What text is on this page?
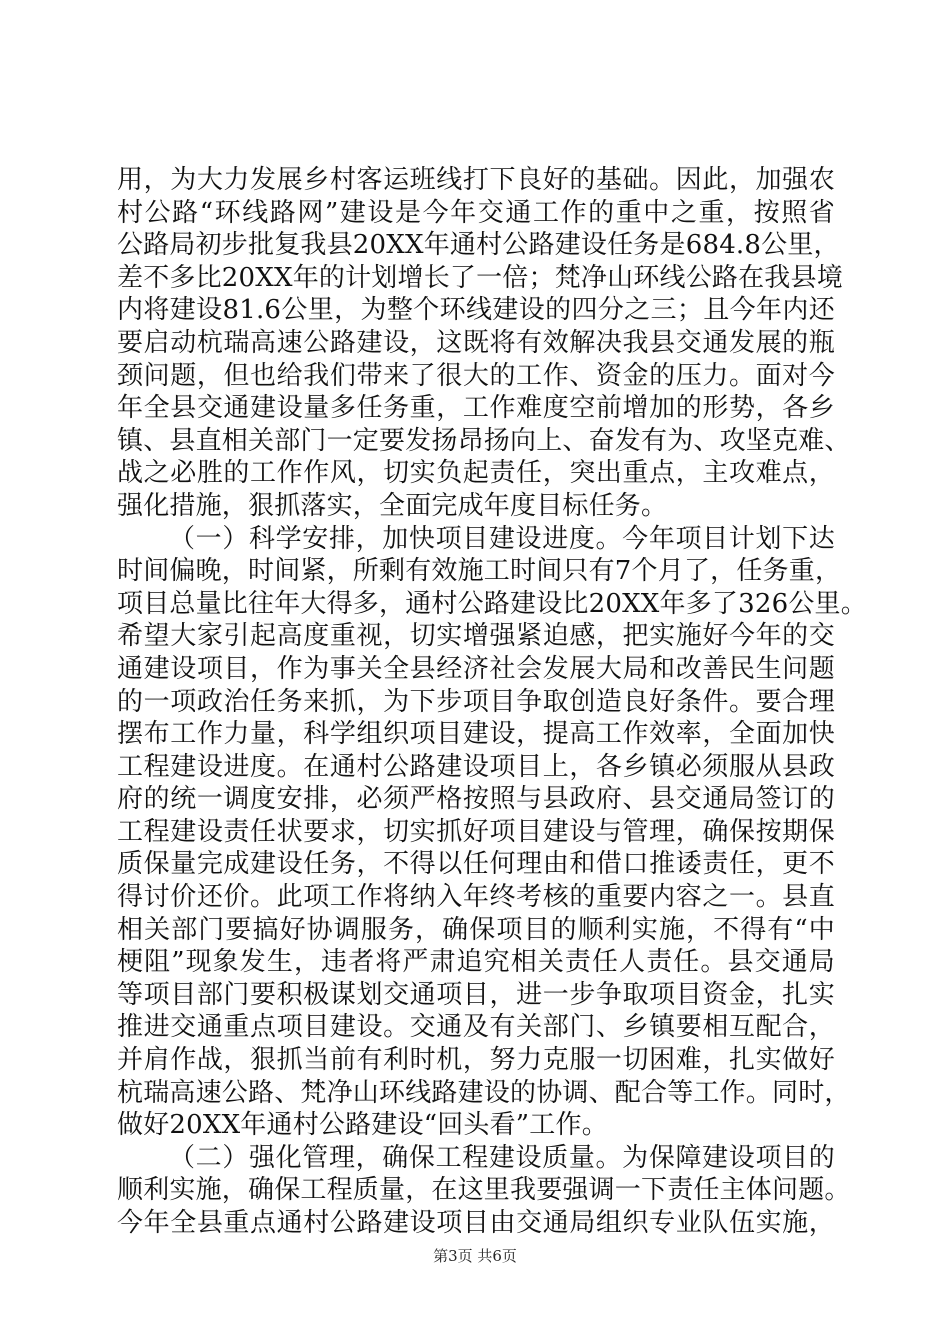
用，为大力发展乡村客运班线打下良好的基础。因此，加强农
村公路“环线路网”建设是今年交通工作的重中之重，按照省
公路局初步批复我县20XX年通村公路建设任务是684.8公里，
差不多比20XX年的计划增长了一倍；梵净山环线公路在我县境
内将建设81.6公里，为整个环线建设的四分之三；且今年内还
要启动杭瑞高速公路建设，这既将有效解决我县交通发展的瓶
颈问题，但也给我们带来了很大的工作、资金的压力。面对今
年全县交通建设量多任务重，工作难度空前增加的形势，各乡
镇、县直相关部门一定要发扬昂扬向上、奋发有为、攻坚克难、
战之必胜的工作作风，切实负起责任，突出重点，主攻难点，
强化措施，狠抓落实，全面完成年度目标任务。
（一）科学安排，加快项目建设进度。今年项目计划下达
时间偏晚，时间紧，所剩有效施工时间只有7个月了，任务重，
项目总量比往年大得多，通村公路建设比20XX年多了326公里。
希望大家引起高度重视，切实增强紧迫感，把实施好今年的交
通建设项目，作为事关全县经济社会发展大局和改善民生问题
的一项政治任务来抓，为下步项目争取创造良好条件。要合理
摆布工作力量，科学组织项目建设，提高工作效率，全面加快
工程建设进度。在通村公路建设项目上，各乡镇必须服从县政
府的统一调度安排，必须严格按照与县政府、县交通局签订的
工程建设责任状要求，切实抓好项目建设与管理，确保按期保
质保量完成建设任务，不得以任何理由和借口推诿责任，更不
得讨价还价。此项工作将纳入年终考核的重要内容之一。县直
相关部门要搞好协调服务，确保项目的顺利实施，不得有“中
梗阻”现象发生，违者将严肃追究相关责任人责任。县交通局
等项目部门要积极谋划交通项目，进一步争取项目资金，扎实
推进交通重点项目建设。交通及有关部门、乡镇要相互配合，
并肩作战，狠抓当前有利时机，努力克服一切困难，扎实做好
杭瑞高速公路、梵净山环线路建设的协调、配合等工作。同时，
做好20XX年通村公路建设“回头看”工作。
（二）强化管理，确保工程建设质量。为保障建设项目的
顺利实施，确保工程质量，在这里我要强调一下责任主体问题。
今年全县重点通村公路建设项目由交通局组织专业队伍实施，
第3页 共6页
